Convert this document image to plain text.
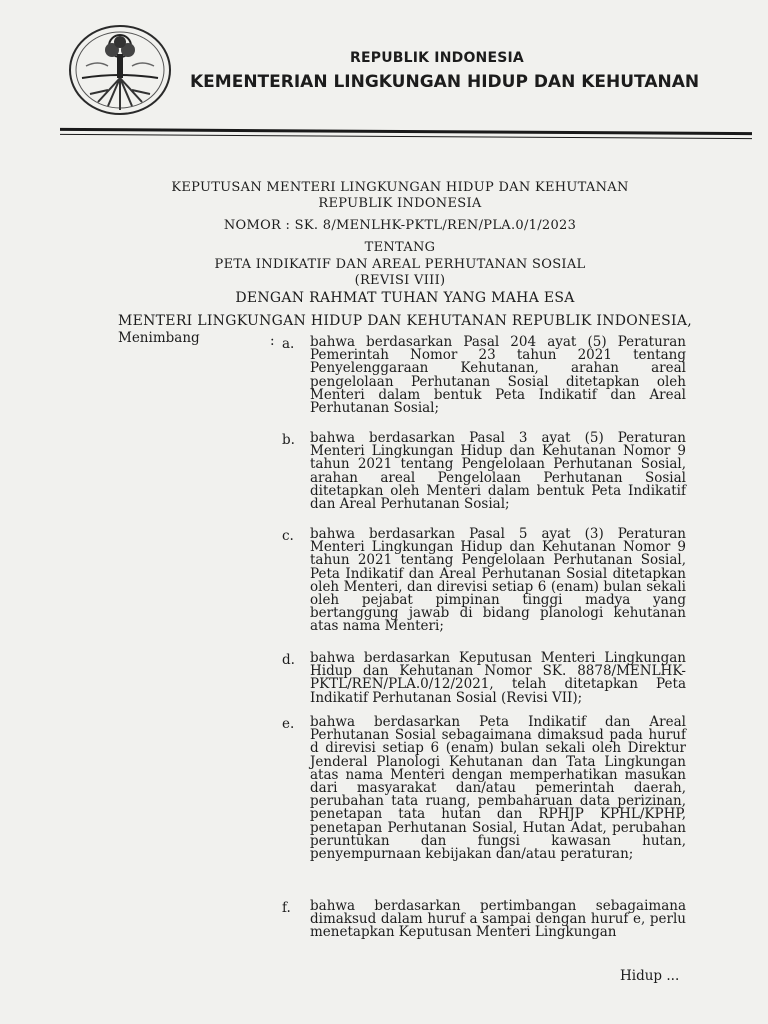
REPUBLIK INDONESIA
KEMENTERIAN LINGKUNGAN HIDUP DAN KEHUTANAN
KEPUTUSAN MENTERI LINGKUNGAN HIDUP DAN KEHUTANAN
REPUBLIK INDONESIA
NOMOR : SK. 8/MENLHK-PKTL/REN/PLA.0/1/2023
TENTANG
PETA INDIKATIF DAN AREAL PERHUTANAN SOSIAL
(REVISI VIII)
DENGAN RAHMAT TUHAN YANG MAHA ESA
MENTERI LINGKUNGAN HIDUP DAN KEHUTANAN REPUBLIK INDONESIA,
Menimbang	: a. bahwa berdasarkan Pasal 204 ayat (5) Peraturan Pemerintah Nomor 23 tahun 2021 tentang Penyelenggaraan Kehutanan, arahan areal pengelolaan Perhutanan Sosial ditetapkan oleh Menteri dalam bentuk Peta Indikatif dan Areal Perhutanan Sosial;
b. bahwa berdasarkan Pasal 3 ayat (5) Peraturan Menteri Lingkungan Hidup dan Kehutanan Nomor 9 tahun 2021 tentang Pengelolaan Perhutanan Sosial, arahan areal Pengelolaan Perhutanan Sosial ditetapkan oleh Menteri dalam bentuk Peta Indikatif dan Areal Perhutanan Sosial;
c. bahwa berdasarkan Pasal 5 ayat (3) Peraturan Menteri Lingkungan Hidup dan Kehutanan Nomor 9 tahun 2021 tentang Pengelolaan Perhutanan Sosial, Peta Indikatif dan Areal Perhutanan Sosial ditetapkan oleh Menteri, dan direvisi setiap 6 (enam) bulan sekali oleh pejabat pimpinan tinggi madya yang bertanggung jawab di bidang planologi kehutanan atas nama Menteri;
d. bahwa berdasarkan Keputusan Menteri Lingkungan Hidup dan Kehutanan Nomor SK. 8878/MENLHK-PKTL/REN/PLA.0/12/2021, telah ditetapkan Peta Indikatif Perhutanan Sosial (Revisi VII);
e. bahwa berdasarkan Peta Indikatif dan Areal Perhutanan Sosial sebagaimana dimaksud pada huruf d direvisi setiap 6 (enam) bulan sekali oleh Direktur Jenderal Planologi Kehutanan dan Tata Lingkungan atas nama Menteri dengan memperhatikan masukan dari masyarakat dan/atau pemerintah daerah, perubahan tata ruang, pembaharuan data perizinan, penetapan tata hutan dan RPHJP KPHL/KPHP, penetapan Perhutanan Sosial, Hutan Adat, perubahan peruntukan dan fungsi kawasan hutan, penyempurnaan kebijakan dan/atau peraturan;
f. bahwa berdasarkan pertimbangan sebagaimana dimaksud dalam huruf a sampai dengan huruf e, perlu menetapkan Keputusan Menteri Lingkungan
Hidup ...
